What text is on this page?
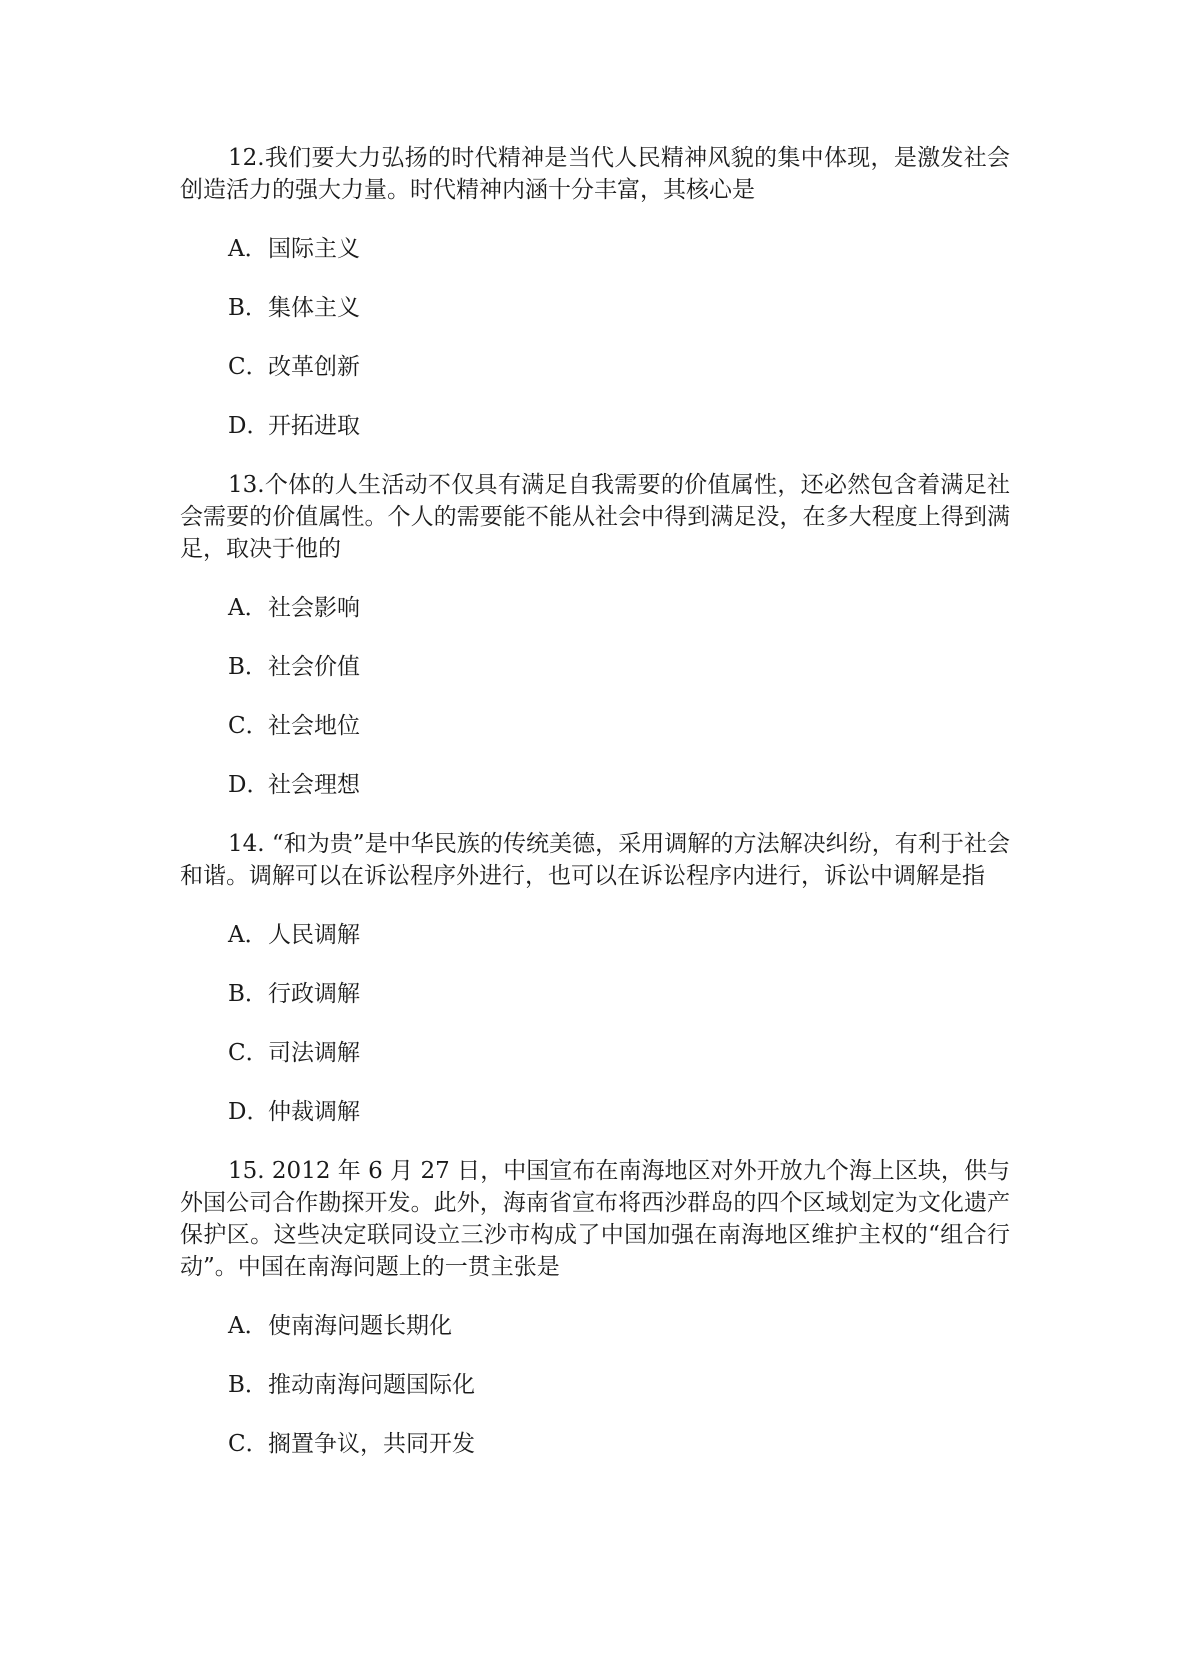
12.我们要大力弘扬的时代精神是当代人民精神风貌的集中体现，是激发社会创造活力的强大力量。时代精神内涵十分丰富，其核心是

A．国际主义
B．集体主义
C．改革创新
D．开拓进取

13.个体的人生活动不仅具有满足自我需要的价值属性，还必然包含着满足社会需要的价值属性。个人的需要能不能从社会中得到满足没，在多大程度上得到满足，取决于他的

A．社会影响
B．社会价值
C．社会地位
D．社会理想

14. “和为贵”是中华民族的传统美德，采用调解的方法解决纠纷，有利于社会和谐。调解可以在诉讼程序外进行，也可以在诉讼程序内进行，诉讼中调解是指

A．人民调解
B．行政调解
C．司法调解
D．仲裁调解

15. 2012 年 6 月 27 日，中国宣布在南海地区对外开放九个海上区块，供与外国公司合作勘探开发。此外，海南省宣布将西沙群岛的四个区域划定为文化遗产保护区。这些决定联同设立三沙市构成了中国加强在南海地区维护主权的“组合行动”。中国在南海问题上的一贯主张是

A．使南海问题长期化
B．推动南海问题国际化
C．搁置争议，共同开发
